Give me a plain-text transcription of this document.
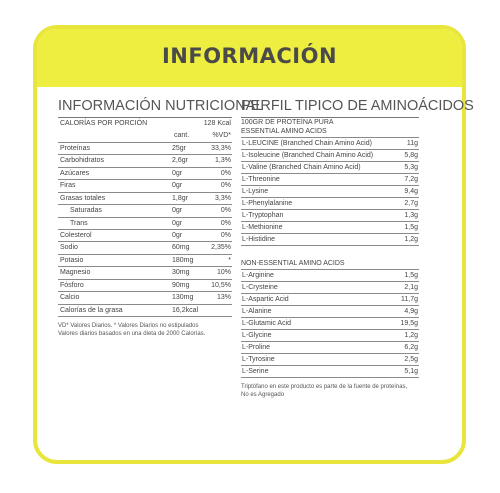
INFORMACIÓN
INFORMACIÓN NUTRICIONAL
CALORÍAS POR PORCIÓN	128 Kcal
cant.	%VD*
Proteínas	25gr	33,3%
Carbohidratos	2,6gr	1,3%
Azúcares	0gr	0%
Firas	0gr	0%
Grasas totales	1,8gr	3,3%
Saturadas	0gr	0%
Trans	0gr	0%
Colesterol	0gr	0%
Sodio	60mg	2,35%
Potasio	180mg	*
Magnesio	30mg	10%
Fósforo	90mg	10,5%
Calcio	130mg	13%
Calorías de la grasa	16,2kcal
VD* Valores Diarios. * Valores Diarios no estipulados
Valores diarios basados en una dieta de 2000 Calorías.
PERFIL TIPICO DE AMINOÁCIDOS
100GR DE PROTEÍNA PURA
ESSENTIAL AMINO ACIDS
L-LEUCINE (Branched Chain Amino Acid)	11g
L-Isoleucine (Branched Chain Amino Acid)	5,8g
L-Valine (Branched Chain Amino Acid)	5,3g
L-Threonine	7,2g
L-Lysine	9,4g
L-Phenylalanine	2,7g
L-Tryptophan	1,3g
L-Methionine	1,5g
L-Histidine	1,2g
NON-ESSENTIAL AMINO ACIDS
L-Arginine	1,5g
L-Crysteine	2,1g
L-Aspartic Acid	11,7g
L-Alanine	4,9g
L-Glutamic Acid	19,5g
L-Glycine	1,2g
L-Proline	6,2g
L-Tyrosine	2,5g
L-Serine	5,1g
Triptófano en este producto es parte de la fuente de proteínas,
No es Agregado
